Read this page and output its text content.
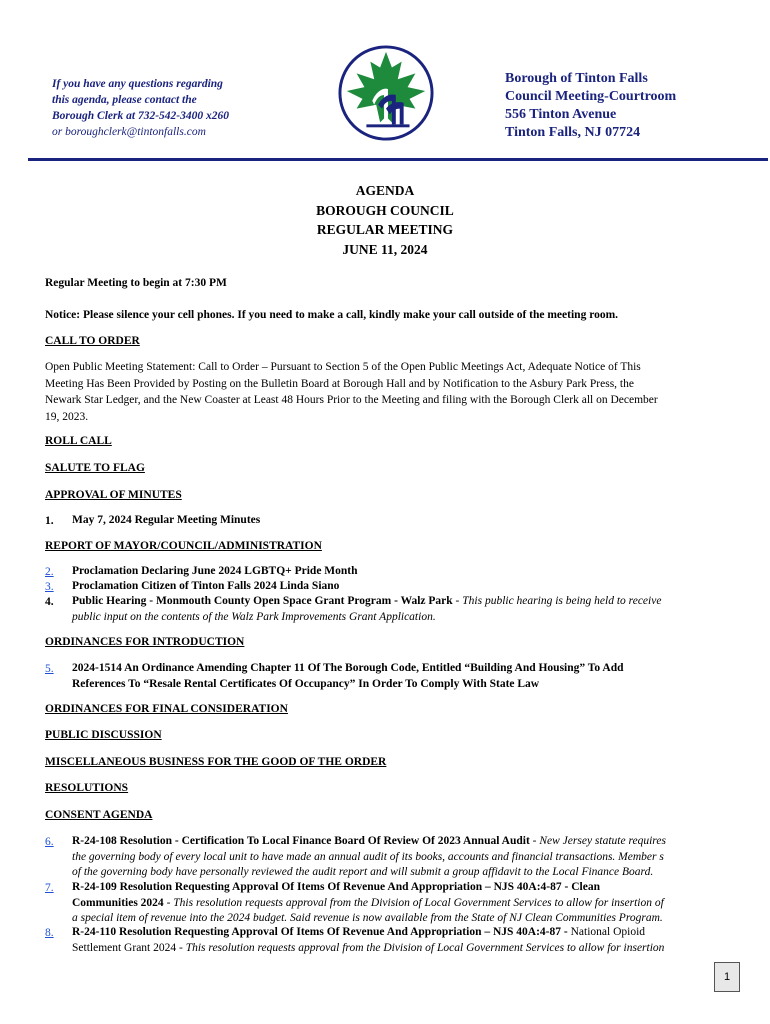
If you have any questions regarding
this agenda, please contact the
Borough Clerk at 732-542-3400 x260
or boroughclerk@tintonfalls.com
Borough of Tinton Falls
Council Meeting-Courtroom
556 Tinton Avenue
Tinton Falls, NJ 07724
AGENDA
BOROUGH COUNCIL
REGULAR MEETING
JUNE 11, 2024
Regular Meeting to begin at 7:30 PM
Notice: Please silence your cell phones. If you need to make a call, kindly make your call outside of the meeting room.
CALL TO ORDER
Open Public Meeting Statement: Call to Order – Pursuant to Section 5 of the Open Public Meetings Act, Adequate Notice of This
Meeting Has Been Provided by Posting on the Bulletin Board at Borough Hall and by Notification to the Asbury Park Press, the
Newark Star Ledger, and the New Coaster at Least 48 Hours Prior to the Meeting and filing with the Borough Clerk all on December
19, 2023.
ROLL CALL
SALUTE TO FLAG
APPROVAL OF MINUTES
1.	May 7, 2024 Regular Meeting Minutes
REPORT OF MAYOR/COUNCIL/ADMINISTRATION
2.	Proclamation Declaring June 2024 LGBTQ+ Pride Month
3.	Proclamation Citizen of Tinton Falls 2024 Linda Siano
4.	Public Hearing - Monmouth County Open Space Grant Program - Walz Park - This public hearing is being held to receive
public input on the contents of the Walz Park Improvements Grant Application.
ORDINANCES FOR INTRODUCTION
5.	2024-1514 An Ordinance Amending Chapter 11 Of The Borough Code, Entitled “Building And Housing” To Add
References To “Resale Rental Certificates Of Occupancy” In Order To Comply With State Law
ORDINANCES FOR FINAL CONSIDERATION
PUBLIC DISCUSSION
MISCELLANEOUS BUSINESS FOR THE GOOD OF THE ORDER
RESOLUTIONS
CONSENT AGENDA
6.	R-24-108 Resolution - Certification To Local Finance Board Of Review Of 2023 Annual Audit - New Jersey statute requires
the governing body of every local unit to have made an annual audit of its books, accounts and financial transactions. Member s
of the governing body have personally reviewed the audit report and will submit a group affidavit to the Local Finance Board.
7.	R-24-109 Resolution Requesting Approval Of Items Of Revenue And Appropriation – NJS 40A:4-87 - Clean
Communities 2024 - This resolution requests approval from the Division of Local Government Services to allow for insertion of
a special item of revenue into the 2024 budget. Said revenue is now available from the State of NJ Clean Communities Program.
8.	R-24-110 Resolution Requesting Approval Of Items Of Revenue And Appropriation – NJS 40A:4-87 - National Opioid
Settlement Grant 2024 - This resolution requests approval from the Division of Local Government Services to allow for insertion
1
